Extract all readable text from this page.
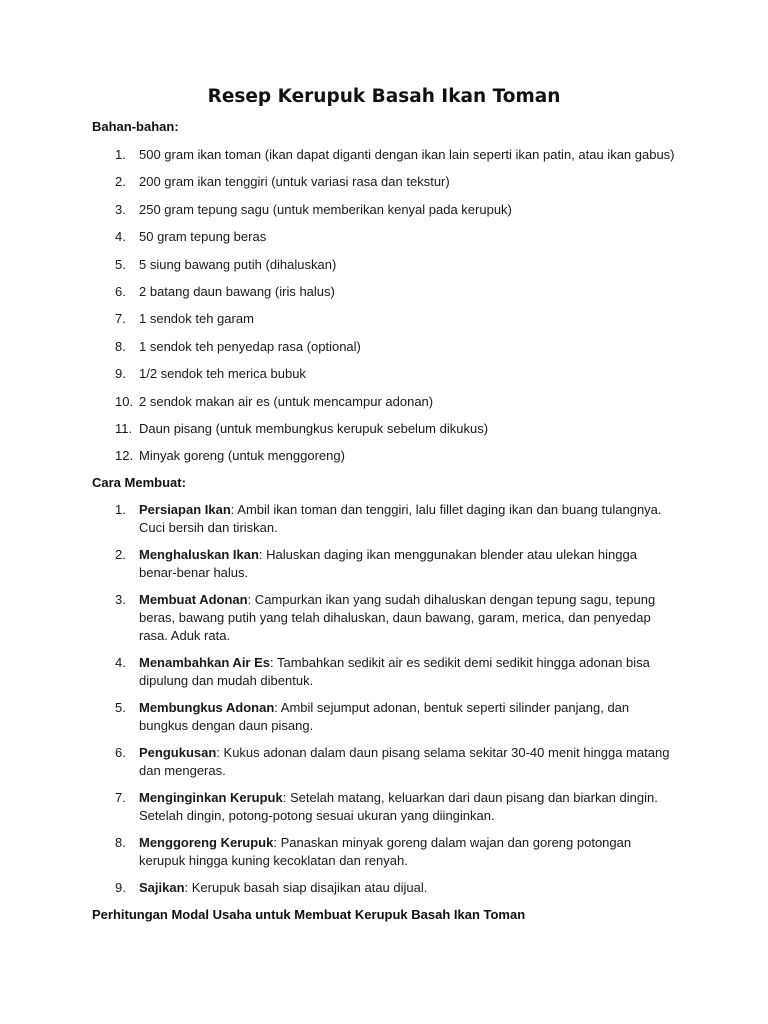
Resep Kerupuk Basah Ikan Toman
Bahan-bahan:
1. 500 gram ikan toman (ikan dapat diganti dengan ikan lain seperti ikan patin, atau ikan gabus)
2. 200 gram ikan tenggiri (untuk variasi rasa dan tekstur)
3. 250 gram tepung sagu (untuk memberikan kenyal pada kerupuk)
4. 50 gram tepung beras
5. 5 siung bawang putih (dihaluskan)
6. 2 batang daun bawang (iris halus)
7. 1 sendok teh garam
8. 1 sendok teh penyedap rasa (optional)
9. 1/2 sendok teh merica bubuk
10. 2 sendok makan air es (untuk mencampur adonan)
11. Daun pisang (untuk membungkus kerupuk sebelum dikukus)
12. Minyak goreng (untuk menggoreng)
Cara Membuat:
1. Persiapan Ikan: Ambil ikan toman dan tenggiri, lalu fillet daging ikan dan buang tulangnya. Cuci bersih dan tiriskan.
2. Menghaluskan Ikan: Haluskan daging ikan menggunakan blender atau ulekan hingga benar-benar halus.
3. Membuat Adonan: Campurkan ikan yang sudah dihaluskan dengan tepung sagu, tepung beras, bawang putih yang telah dihaluskan, daun bawang, garam, merica, dan penyedap rasa. Aduk rata.
4. Menambahkan Air Es: Tambahkan sedikit air es sedikit demi sedikit hingga adonan bisa dipulung dan mudah dibentuk.
5. Membungkus Adonan: Ambil sejumput adonan, bentuk seperti silinder panjang, dan bungkus dengan daun pisang.
6. Pengukusan: Kukus adonan dalam daun pisang selama sekitar 30-40 menit hingga matang dan mengeras.
7. Menginginkan Kerupuk: Setelah matang, keluarkan dari daun pisang dan biarkan dingin. Setelah dingin, potong-potong sesuai ukuran yang diinginkan.
8. Menggoreng Kerupuk: Panaskan minyak goreng dalam wajan dan goreng potongan kerupuk hingga kuning kecoklatan dan renyah.
9. Sajikan: Kerupuk basah siap disajikan atau dijual.
Perhitungan Modal Usaha untuk Membuat Kerupuk Basah Ikan Toman
